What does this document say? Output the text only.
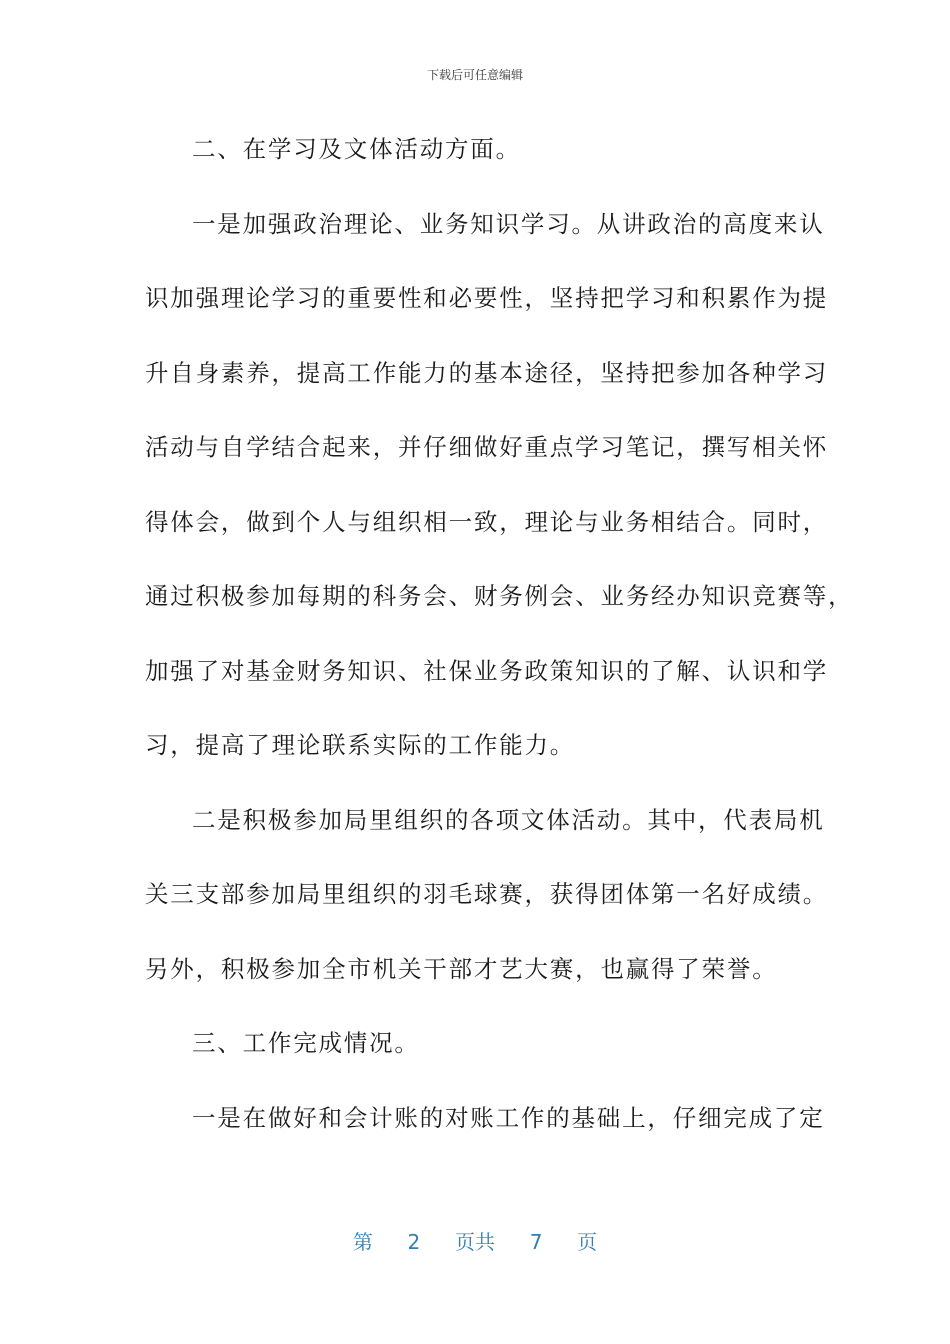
下载后可任意编辑
二、在学习及文体活动方面。
一是加强政治理论、业务知识学习。从讲政治的高度来认
识加强理论学习的重要性和必要性，坚持把学习和积累作为提
升自身素养，提高工作能力的基本途径，坚持把参加各种学习
活动与自学结合起来，并仔细做好重点学习笔记，撰写相关怀
得体会，做到个人与组织相一致，理论与业务相结合。同时，
通过积极参加每期的科务会、财务例会、业务经办知识竞赛等，
加强了对基金财务知识、社保业务政策知识的了解、认识和学
习，提高了理论联系实际的工作能力。
二是积极参加局里组织的各项文体活动。其中，代表局机
关三支部参加局里组织的羽毛球赛，获得团体第一名好成绩。
另外，积极参加全市机关干部才艺大赛，也赢得了荣誉。
三、工作完成情况。
一是在做好和会计账的对账工作的基础上，仔细完成了定
第 2 页共 7 页
